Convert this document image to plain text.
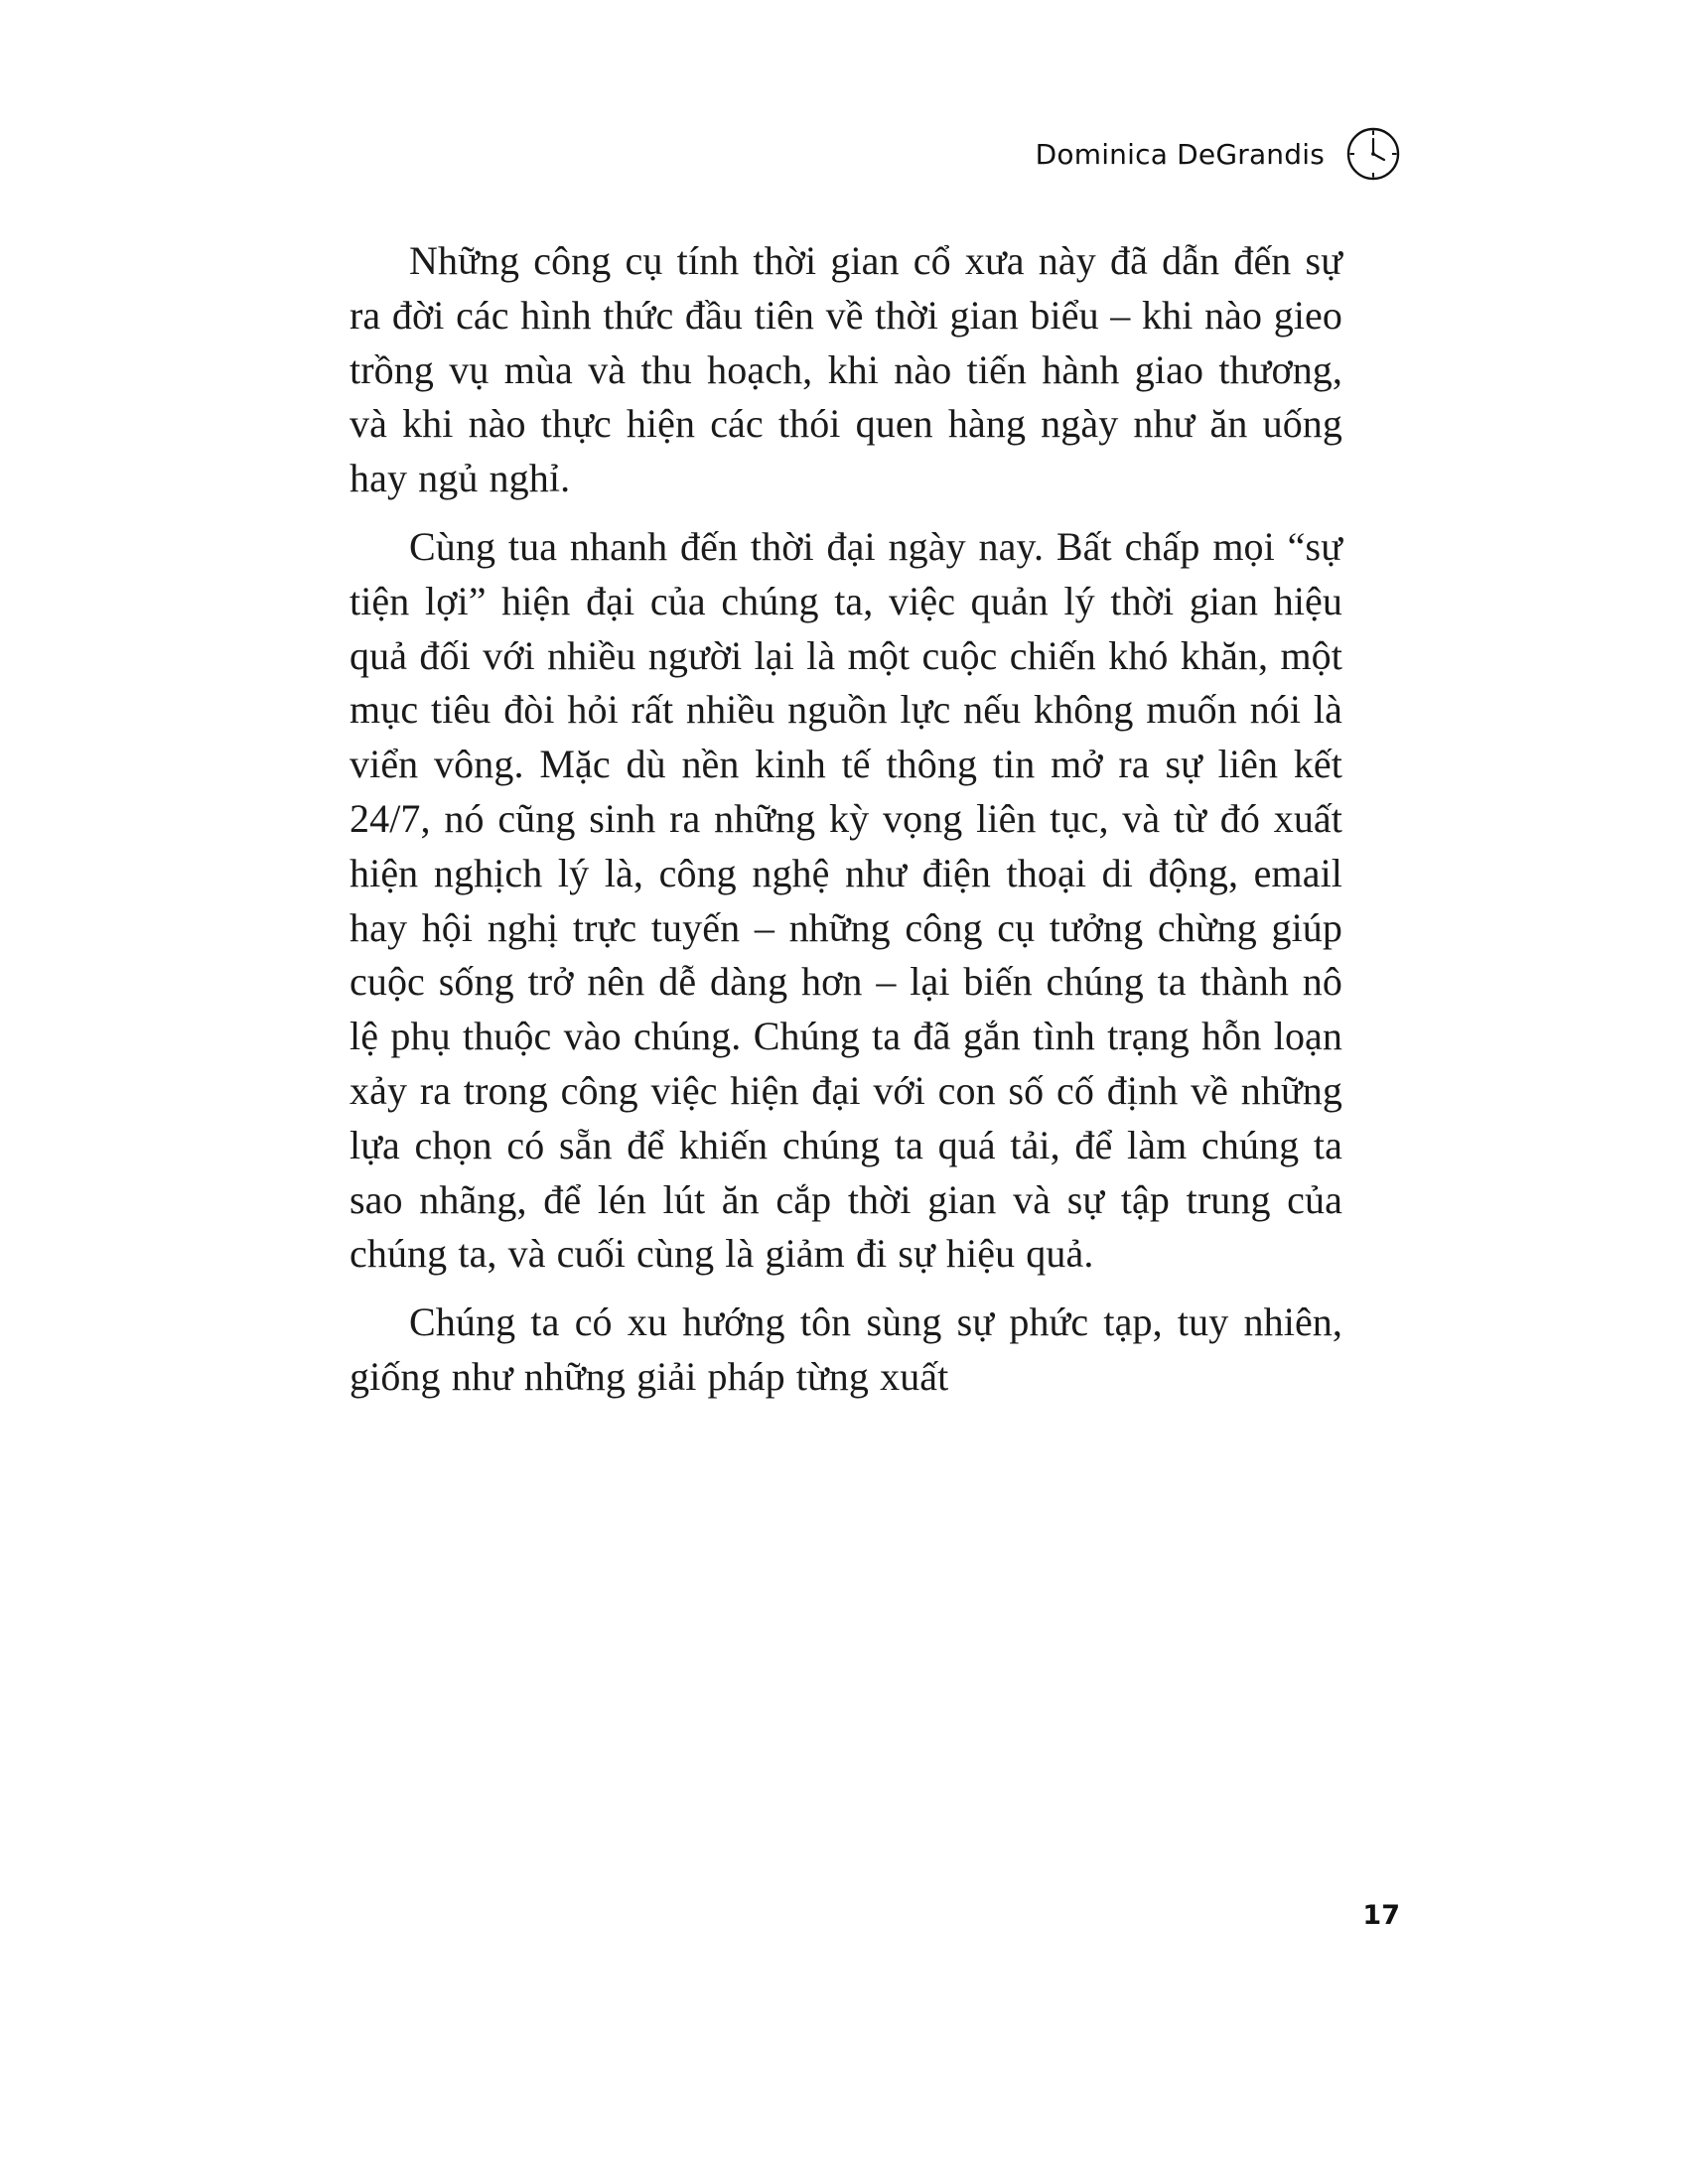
Dominica DeGrandis

Những công cụ tính thời gian cổ xưa này đã dẫn đến sự ra đời các hình thức đầu tiên về thời gian biểu – khi nào gieo trồng vụ mùa và thu hoạch, khi nào tiến hành giao thương, và khi nào thực hiện các thói quen hàng ngày như ăn uống hay ngủ nghỉ.

Cùng tua nhanh đến thời đại ngày nay. Bất chấp mọi “sự tiện lợi” hiện đại của chúng ta, việc quản lý thời gian hiệu quả đối với nhiều người lại là một cuộc chiến khó khăn, một mục tiêu đòi hỏi rất nhiều nguồn lực nếu không muốn nói là viển vông. Mặc dù nền kinh tế thông tin mở ra sự liên kết 24/7, nó cũng sinh ra những kỳ vọng liên tục, và từ đó xuất hiện nghịch lý là, công nghệ như điện thoại di động, email hay hội nghị trực tuyến – những công cụ tưởng chừng giúp cuộc sống trở nên dễ dàng hơn – lại biến chúng ta thành nô lệ phụ thuộc vào chúng. Chúng ta đã gắn tình trạng hỗn loạn xảy ra trong công việc hiện đại với con số cố định về những lựa chọn có sẵn để khiến chúng ta quá tải, để làm chúng ta sao nhãng, để lén lút ăn cắp thời gian và sự tập trung của chúng ta, và cuối cùng là giảm đi sự hiệu quả.

Chúng ta có xu hướng tôn sùng sự phức tạp, tuy nhiên, giống như những giải pháp từng xuất

17
